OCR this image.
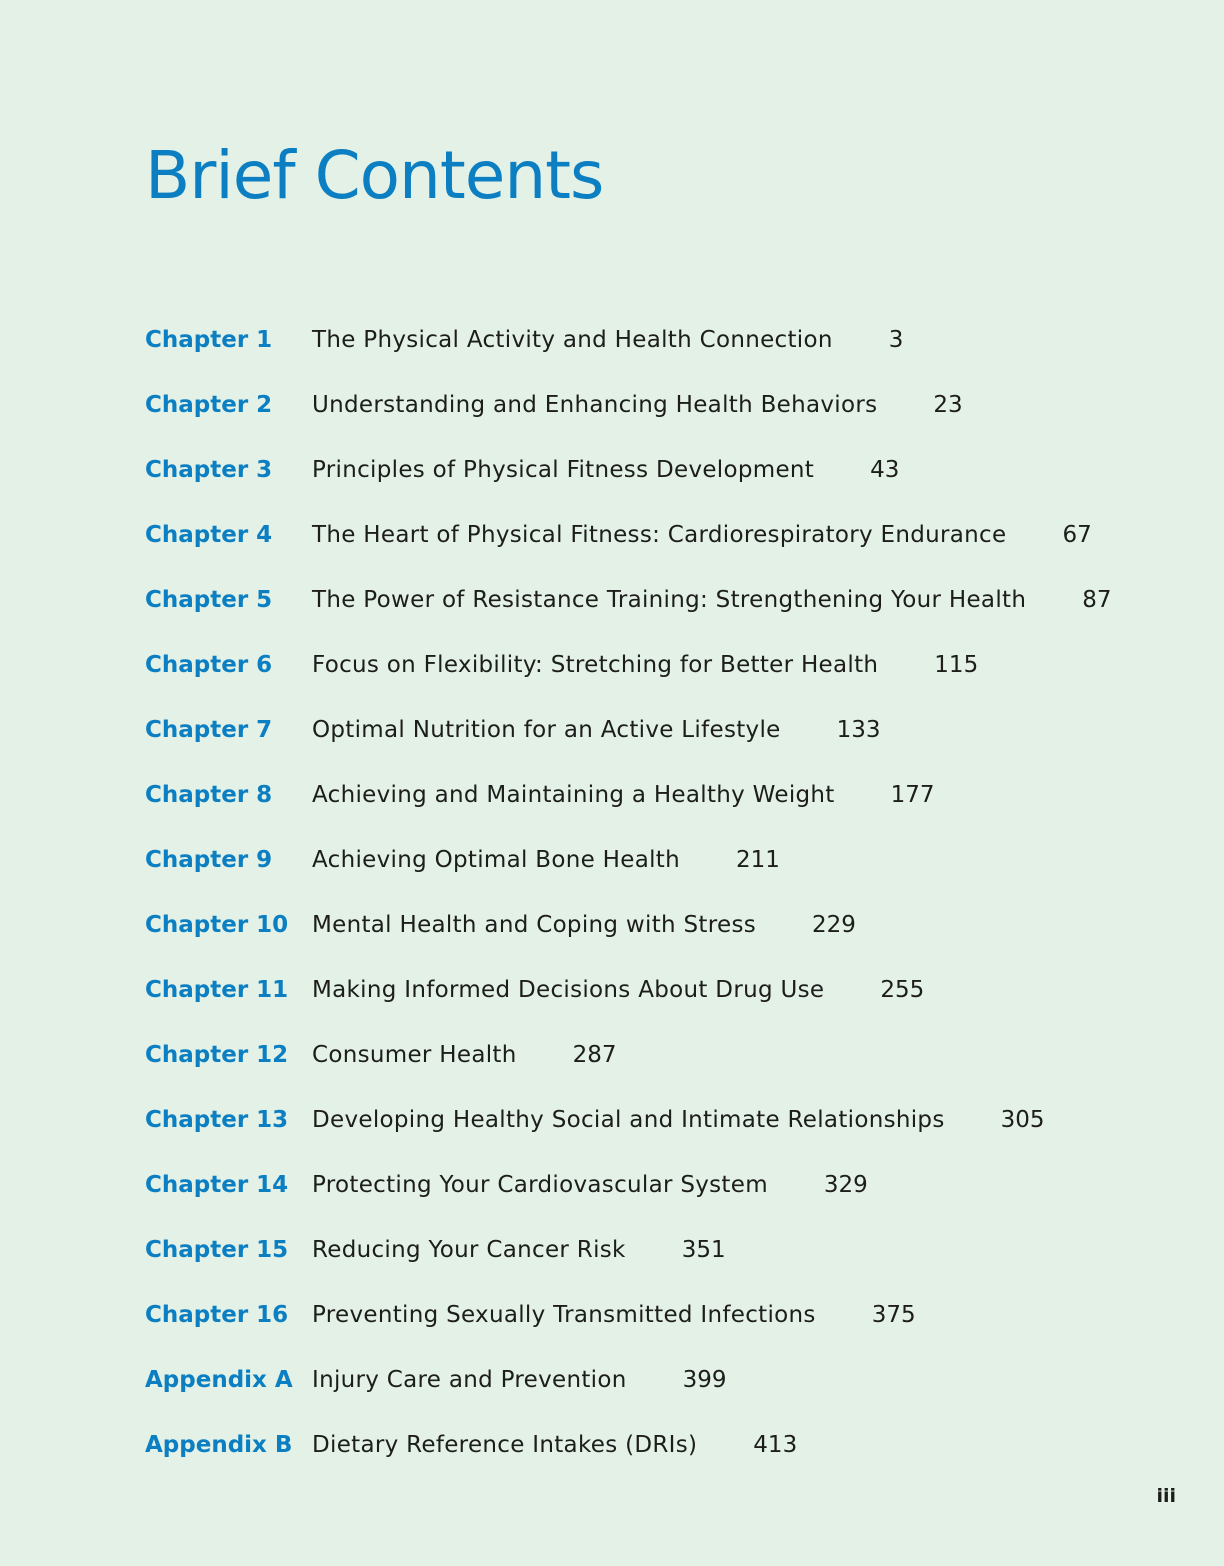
Brief Contents
Chapter 1	The Physical Activity and Health Connection 3
Chapter 2	Understanding and Enhancing Health Behaviors 23
Chapter 3	Principles of Physical Fitness Development 43
Chapter 4	The Heart of Physical Fitness: Cardiorespiratory Endurance 67
Chapter 5	The Power of Resistance Training: Strengthening Your Health 87
Chapter 6	Focus on Flexibility: Stretching for Better Health 115
Chapter 7	Optimal Nutrition for an Active Lifestyle 133
Chapter 8	Achieving and Maintaining a Healthy Weight 177
Chapter 9	Achieving Optimal Bone Health 211
Chapter 10	Mental Health and Coping with Stress 229
Chapter 11	Making Informed Decisions About Drug Use 255
Chapter 12	Consumer Health 287
Chapter 13	Developing Healthy Social and Intimate Relationships 305
Chapter 14	Protecting Your Cardiovascular System 329
Chapter 15	Reducing Your Cancer Risk 351
Chapter 16	Preventing Sexually Transmitted Infections 375
Appendix A Injury Care and Prevention 399
Appendix B Dietary Reference Intakes (DRIs) 413
iii
